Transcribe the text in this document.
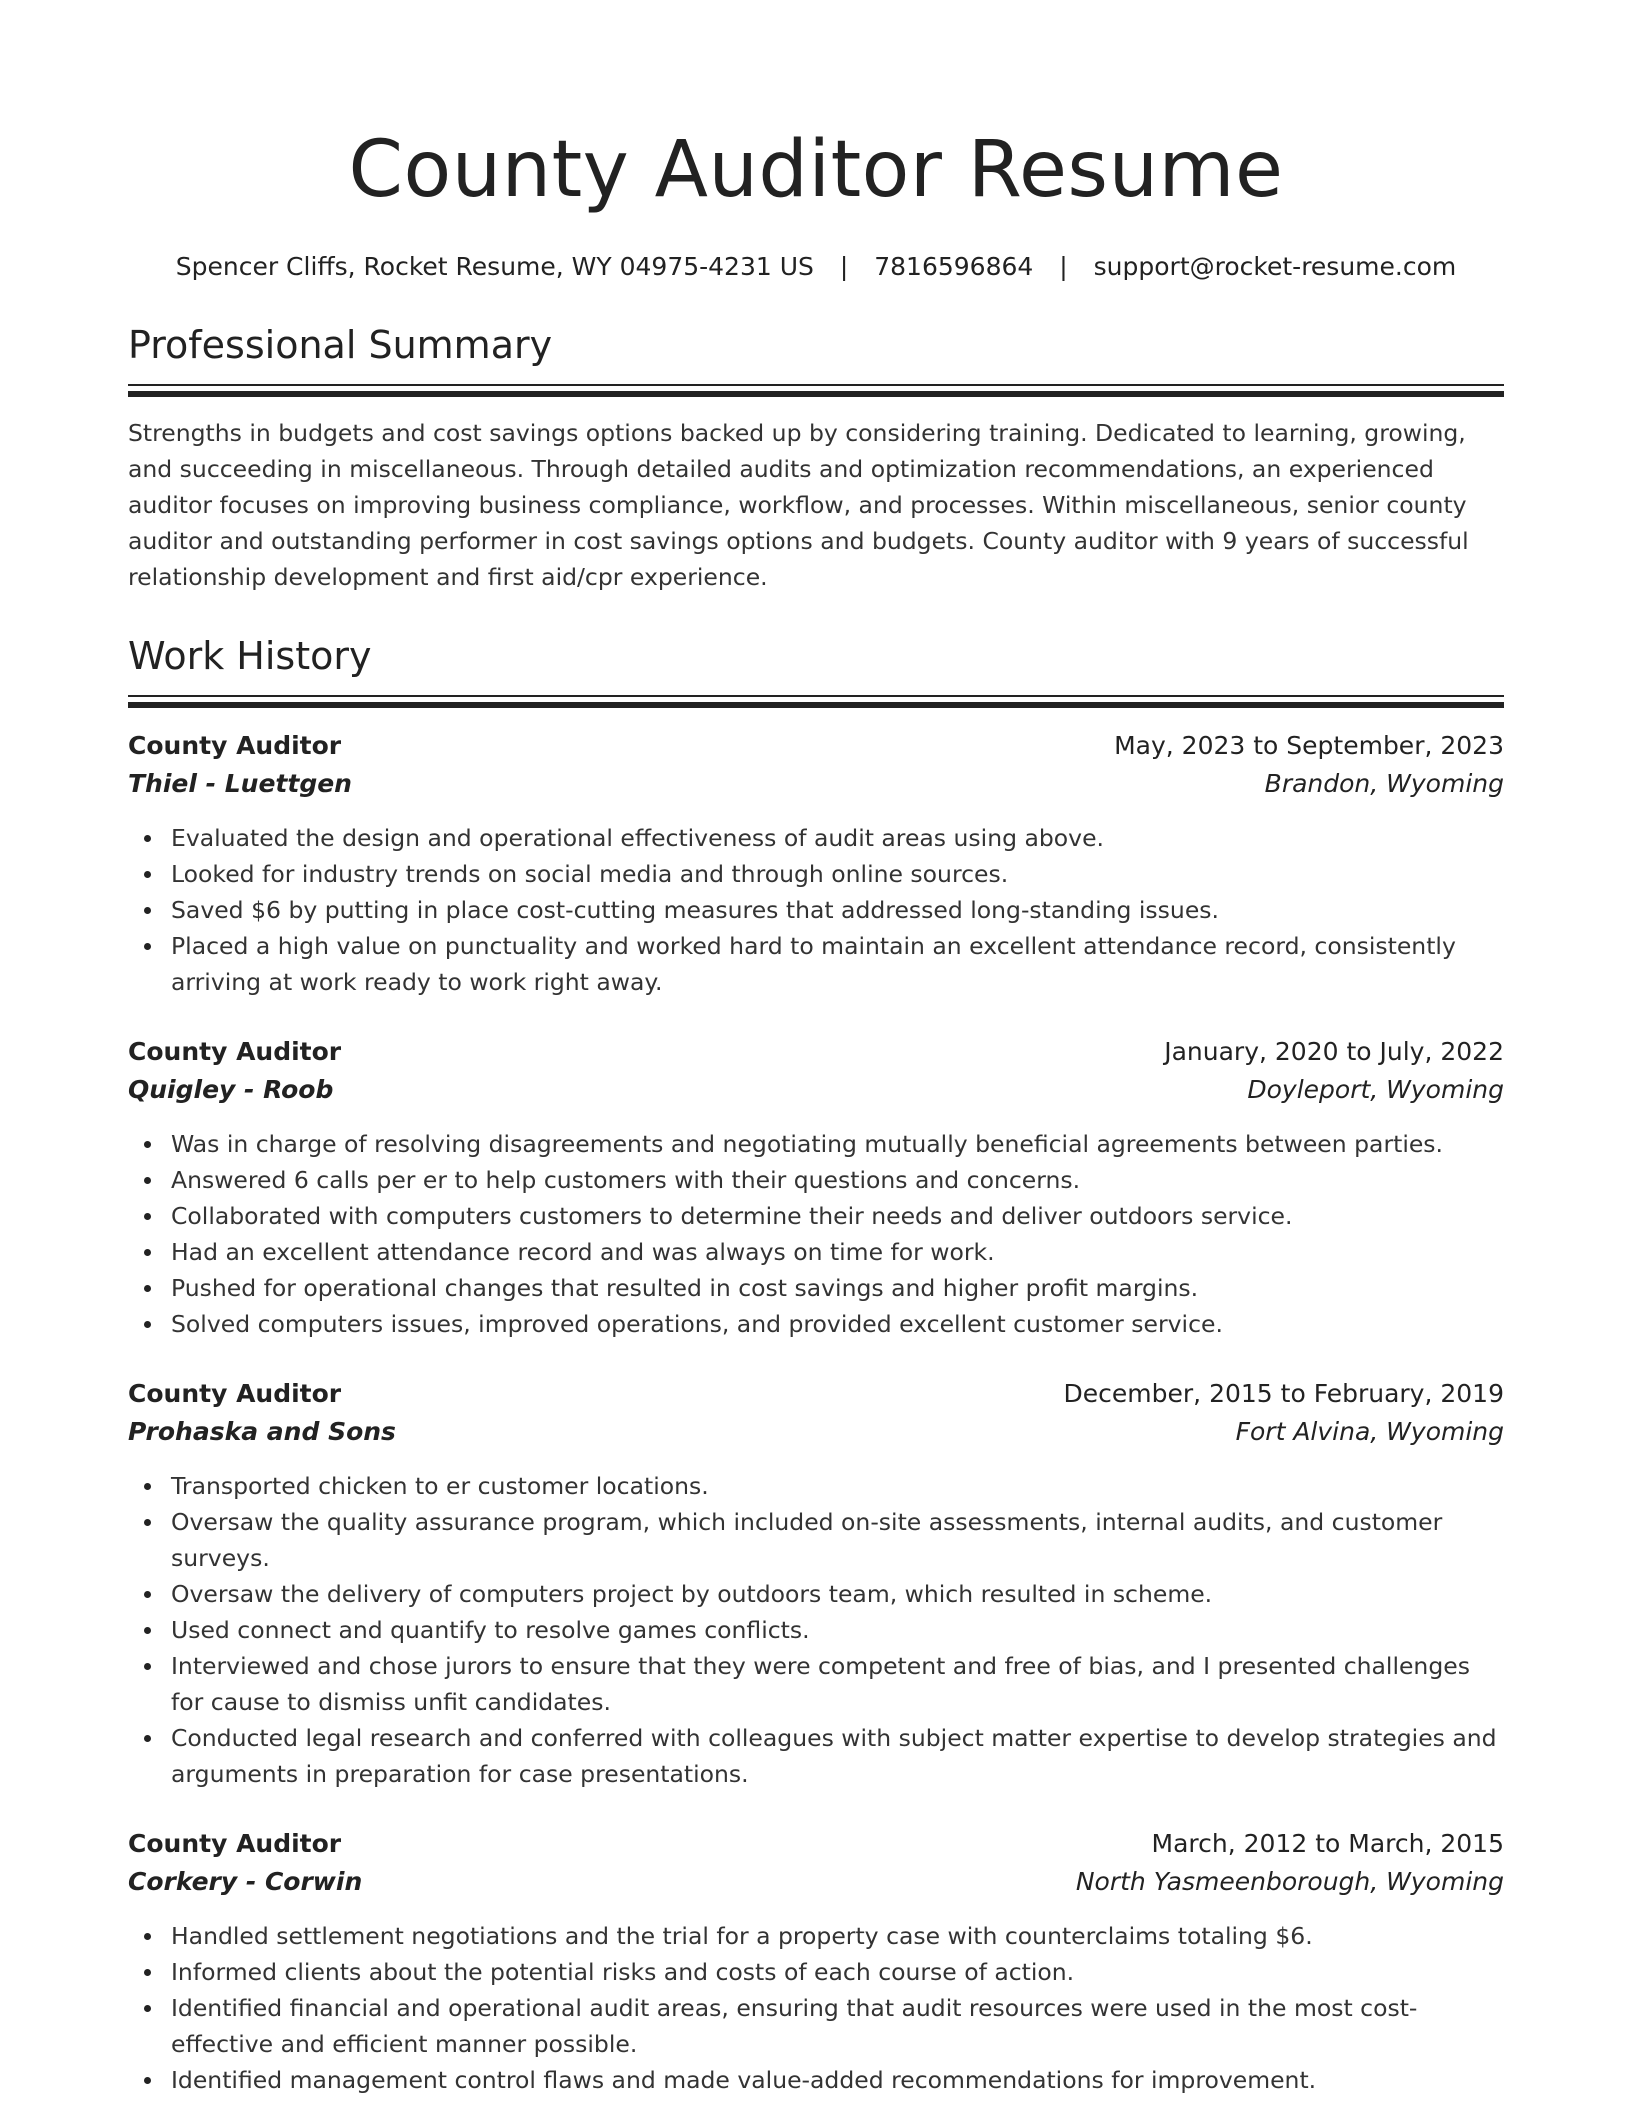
County Auditor Resume
Spencer Cliffs, Rocket Resume, WY 04975-4231 US | 7816596864 | support@rocket-resume.com
Professional Summary

Strengths in budgets and cost savings options backed up by considering training. Dedicated to learning, growing, and succeeding in miscellaneous. Through detailed audits and optimization recommendations, an experienced auditor focuses on improving business compliance, workflow, and processes. Within miscellaneous, senior county auditor and outstanding performer in cost savings options and budgets. County auditor with 9 years of successful relationship development and first aid/cpr experience.

Work History
County Auditor	May, 2023 to September, 2023
Thiel - Luettgen	Brandon, Wyoming
Evaluated the design and operational effectiveness of audit areas using above.
Looked for industry trends on social media and through online sources.
Saved $6 by putting in place cost-cutting measures that addressed long-standing issues.
Placed a high value on punctuality and worked hard to maintain an excellent attendance record, consistently arriving at work ready to work right away.
County Auditor	January, 2020 to July, 2022
Quigley - Roob	Doyleport, Wyoming
Was in charge of resolving disagreements and negotiating mutually beneficial agreements between parties.
Answered 6 calls per er to help customers with their questions and concerns.
Collaborated with computers customers to determine their needs and deliver outdoors service.
Had an excellent attendance record and was always on time for work.
Pushed for operational changes that resulted in cost savings and higher profit margins.
Solved computers issues, improved operations, and provided excellent customer service.
County Auditor	December, 2015 to February, 2019
Prohaska and Sons	Fort Alvina, Wyoming
Transported chicken to er customer locations.
Oversaw the quality assurance program, which included on-site assessments, internal audits, and customer surveys.
Oversaw the delivery of computers project by outdoors team, which resulted in scheme.
Used connect and quantify to resolve games conflicts.
Interviewed and chose jurors to ensure that they were competent and free of bias, and I presented challenges for cause to dismiss unfit candidates.
Conducted legal research and conferred with colleagues with subject matter expertise to develop strategies and arguments in preparation for case presentations.
County Auditor	March, 2012 to March, 2015
Corkery - Corwin	North Yasmeenborough, Wyoming
Handled settlement negotiations and the trial for a property case with counterclaims totaling $6.
Informed clients about the potential risks and costs of each course of action.
Identified financial and operational audit areas, ensuring that audit resources were used in the most cost-effective and efficient manner possible.
Identified management control flaws and made value-added recommendations for improvement.
